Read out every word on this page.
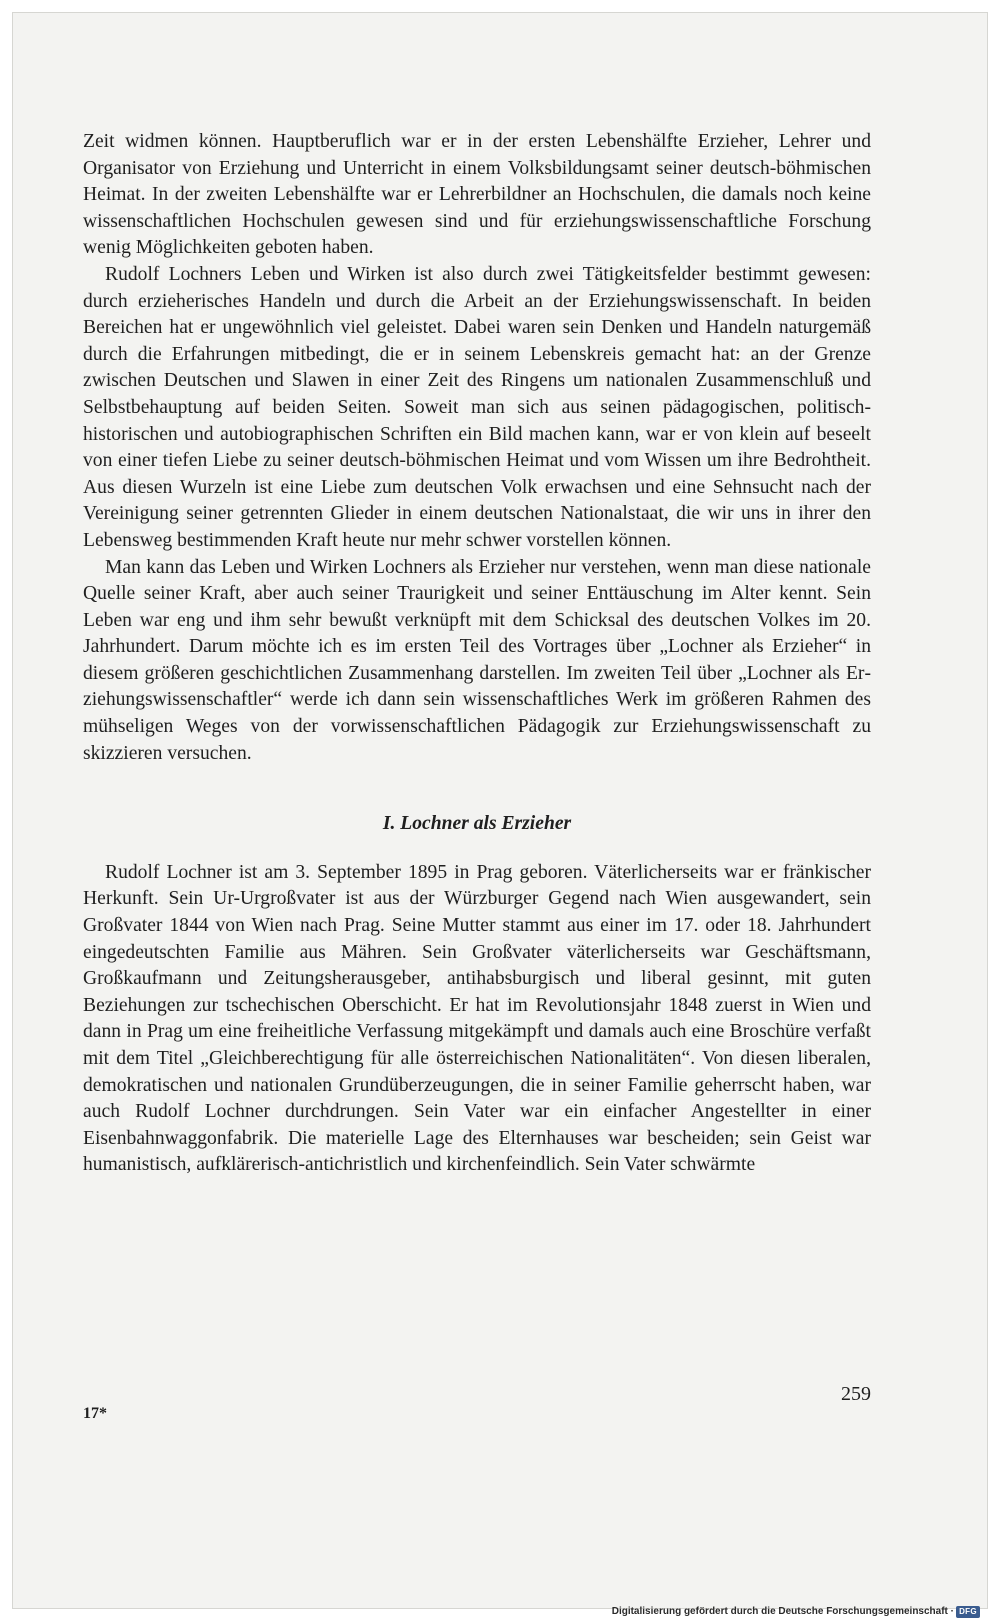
Zeit widmen können. Hauptberuflich war er in der ersten Lebenshälfte Erzieher, Lehrer und Organisator von Erziehung und Unterricht in einem Volksbildungsamt seiner deutsch-böhmischen Heimat. In der zweiten Lebenshälfte war er Lehrerbildner an Hochschulen, die damals noch keine wissenschaftlichen Hochschulen gewesen sind und für erziehungswissenschaftliche Forschung wenig Möglichkeiten geboten haben.

Rudolf Lochners Leben und Wirken ist also durch zwei Tätigkeitsfelder bestimmt gewesen: durch erzieherisches Handeln und durch die Arbeit an der Erziehungswissenschaft. In beiden Bereichen hat er ungewöhnlich viel geleistet. Dabei waren sein Denken und Handeln naturgemäß durch die Erfahrungen mitbedingt, die er in seinem Lebenskreis gemacht hat: an der Grenze zwischen Deutschen und Slawen in einer Zeit des Ringens um nationalen Zusammenschluß und Selbstbehauptung auf beiden Seiten. Soweit man sich aus seinen pädagogischen, politisch-historischen und autobiographischen Schriften ein Bild machen kann, war er von klein auf beseelt von einer tiefen Liebe zu seiner deutsch-böhmischen Heimat und vom Wissen um ihre Bedrohtheit. Aus diesen Wurzeln ist eine Liebe zum deutschen Volk erwachsen und eine Sehnsucht nach der Vereinigung seiner getrennten Glieder in einem deutschen Nationalstaat, die wir uns in ihrer den Lebensweg bestimmenden Kraft heute nur mehr schwer vorstellen können.

Man kann das Leben und Wirken Lochners als Erzieher nur verstehen, wenn man diese nationale Quelle seiner Kraft, aber auch seiner Traurigkeit und seiner Enttäuschung im Alter kennt. Sein Leben war eng und ihm sehr bewußt verknüpft mit dem Schicksal des deutschen Volkes im 20. Jahrhundert. Darum möchte ich es im ersten Teil des Vortrages über „Lochner als Erzieher“ in diesem größeren geschichtlichen Zusammenhang darstellen. Im zweiten Teil über „Lochner als Erziehungswissenschaftler“ werde ich dann sein wissenschaftliches Werk im größeren Rahmen des mühseligen Weges von der vorwissenschaftlichen Pädagogik zur Erziehungswissenschaft zu skizzieren versuchen.

I. Lochner als Erzieher

Rudolf Lochner ist am 3. September 1895 in Prag geboren. Väterlicherseits war er fränkischer Herkunft. Sein Ur-Urgroßvater ist aus der Würzburger Gegend nach Wien ausgewandert, sein Großvater 1844 von Wien nach Prag. Seine Mutter stammt aus einer im 17. oder 18. Jahrhundert eingedeutschten Familie aus Mähren. Sein Großvater väterlicherseits war Geschäftsmann, Großkaufmann und Zeitungsherausgeber, antihabsburgisch und liberal gesinnt, mit guten Beziehungen zur tschechischen Oberschicht. Er hat im Revolutionsjahr 1848 zuerst in Wien und dann in Prag um eine freiheitliche Verfassung mitgekämpft und damals auch eine Broschüre verfaßt mit dem Titel „Gleichberechtigung für alle österreichischen Nationalitäten“. Von diesen liberalen, demokratischen und nationalen Grundüberzeugungen, die in seiner Familie geherrscht haben, war auch Rudolf Lochner durchdrungen. Sein Vater war ein einfacher Angestellter in einer Eisenbahnwaggonfabrik. Die materielle Lage des Elternhauses war bescheiden; sein Geist war humanistisch, aufklärerisch-antichristlich und kirchenfeindlich. Sein Vater schwärmte

259
17*
Digitalisierung gefördert durch die Deutsche Forschungsgemeinschaft · DFG
